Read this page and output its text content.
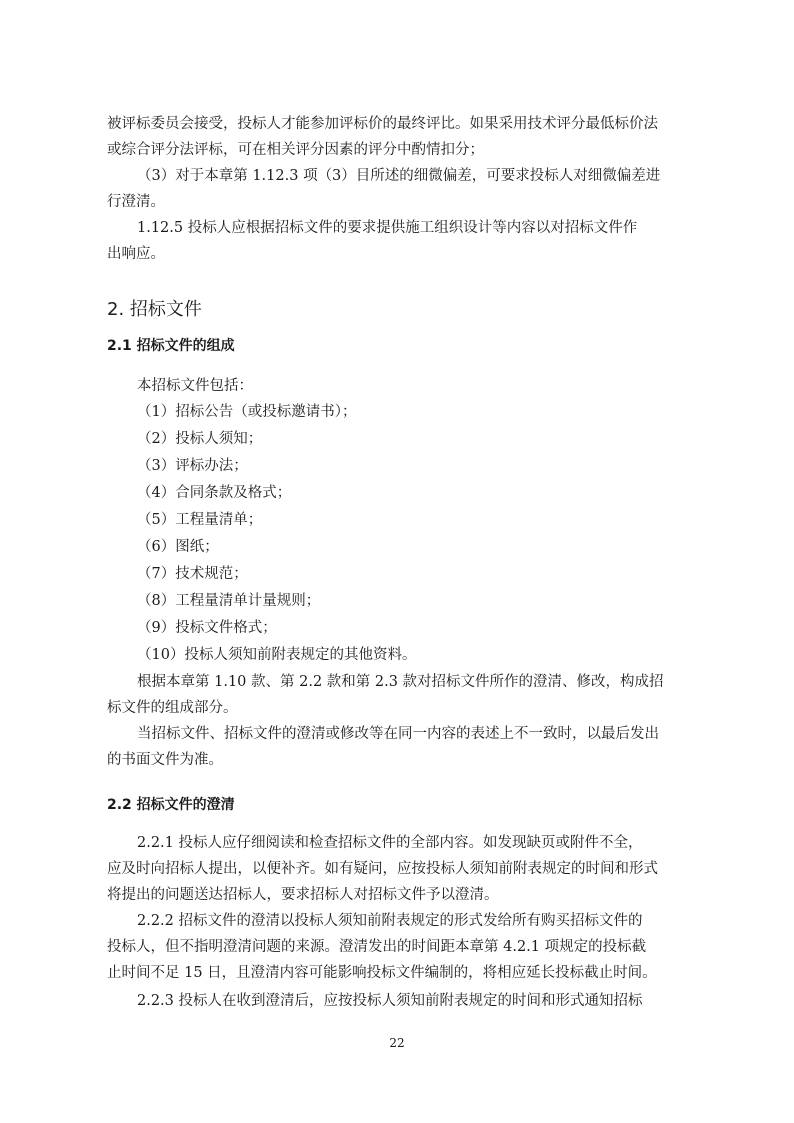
被评标委员会接受，投标人才能参加评标价的最终评比。如果采用技术评分最低标价法
或综合评分法评标，可在相关评分因素的评分中酌情扣分；
（3）对于本章第 1.12.3 项（3）目所述的细微偏差，可要求投标人对细微偏差进
行澄清。
1.12.5 投标人应根据招标文件的要求提供施工组织设计等内容以对招标文件作
出响应。
2. 招标文件
2.1 招标文件的组成
本招标文件包括：
（1）招标公告（或投标邀请书）；
（2）投标人须知；
（3）评标办法；
（4）合同条款及格式；
（5）工程量清单；
（6）图纸；
（7）技术规范；
（8）工程量清单计量规则；
（9）投标文件格式；
（10）投标人须知前附表规定的其他资料。
根据本章第 1.10 款、第 2.2 款和第 2.3 款对招标文件所作的澄清、修改，构成招
标文件的组成部分。
当招标文件、招标文件的澄清或修改等在同一内容的表述上不一致时，以最后发出
的书面文件为准。
2.2 招标文件的澄清
2.2.1 投标人应仔细阅读和检查招标文件的全部内容。如发现缺页或附件不全，
应及时向招标人提出，以便补齐。如有疑问，应按投标人须知前附表规定的时间和形式
将提出的问题送达招标人，要求招标人对招标文件予以澄清。
2.2.2 招标文件的澄清以投标人须知前附表规定的形式发给所有购买招标文件的
投标人，但不指明澄清问题的来源。澄清发出的时间距本章第 4.2.1 项规定的投标截
止时间不足 15 日，且澄清内容可能影响投标文件编制的，将相应延长投标截止时间。
2.2.3 投标人在收到澄清后，应按投标人须知前附表规定的时间和形式通知招标
22
